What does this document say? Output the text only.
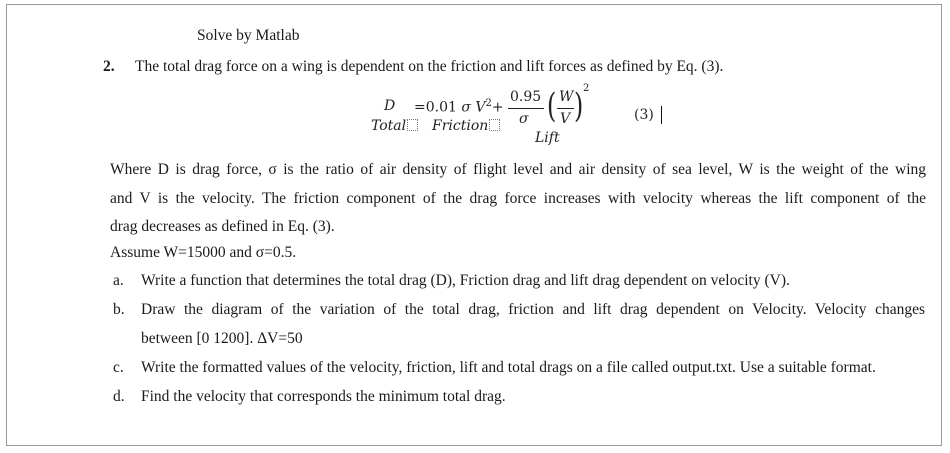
Solve by Matlab
2. The total drag force on a wing is dependent on the friction and lift forces as defined by Eq. (3).
D =0.01 σ $V^2+$
Total	Friction
0.95
σ ( W
V ) 2
Lift
(3)
Where D is drag force, σ is the ratio of air density of flight level and air density of sea level, W is the weight of the wing
and V is the velocity. The friction component of the drag force increases with velocity whereas the lift component of the
drag decreases as defined in Eq. (3).
Assume W=15000 and σ=0.5.
a. Write a function that determines the total drag (D), Friction drag and lift drag dependent on velocity (V).
b. Draw the diagram of the variation of the total drag, friction and lift drag dependent on Velocity. Velocity changes
between [0 1200]. ΔV=50
c. Write the formatted values of the velocity, friction, lift and total drags on a file called output.txt. Use a suitable format.
d. Find the velocity that corresponds the minimum total drag.
